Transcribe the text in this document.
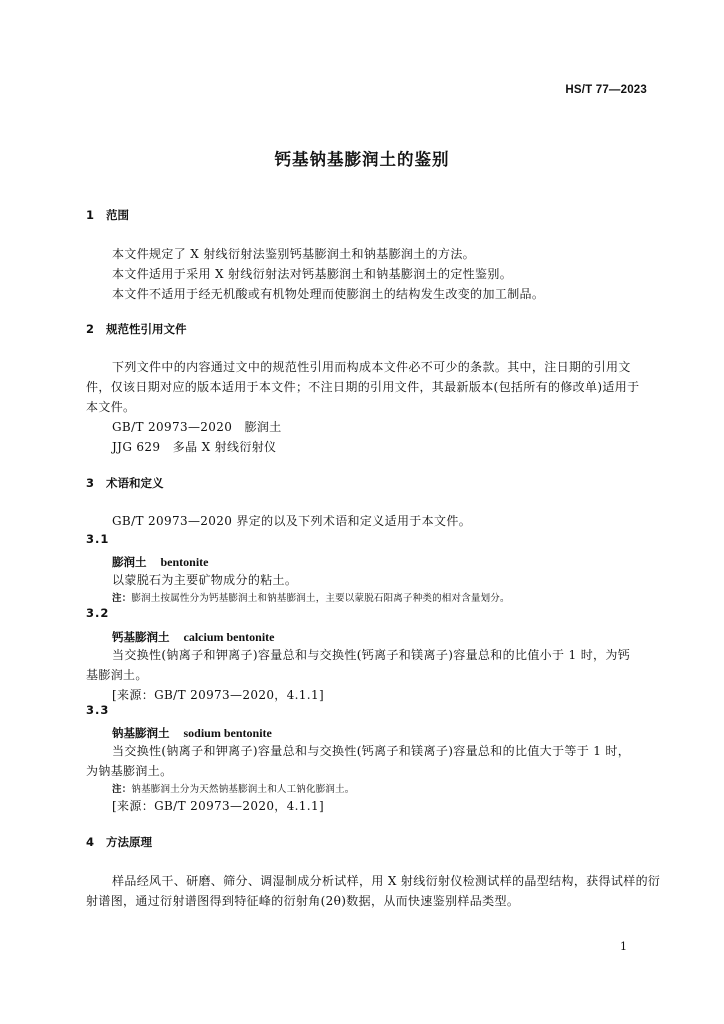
HS/T 77—2023
钙基钠基膨润土的鉴别
1 范围
本文件规定了 X 射线衍射法鉴别钙基膨润土和钠基膨润土的方法。
本文件适用于采用 X 射线衍射法对钙基膨润土和钠基膨润土的定性鉴别。
本文件不适用于经无机酸或有机物处理而使膨润土的结构发生改变的加工制品。
2 规范性引用文件
下列文件中的内容通过文中的规范性引用而构成本文件必不可少的条款。其中，注日期的引用文
件，仅该日期对应的版本适用于本文件；不注日期的引用文件，其最新版本(包括所有的修改单)适用于
本文件。
GB/T 20973—2020　膨润土
JJG 629　多晶 X 射线衍射仪
3 术语和定义
GB/T 20973—2020 界定的以及下列术语和定义适用于本文件。
3.1
膨润土 bentonite
以蒙脱石为主要矿物成分的粘土。
注：膨润土按属性分为钙基膨润土和钠基膨润土，主要以蒙脱石阳离子种类的相对含量划分。
3.2
钙基膨润土 calcium bentonite
当交换性(钠离子和钾离子)容量总和与交换性(钙离子和镁离子)容量总和的比值小于 1 时，为钙
基膨润土。
[来源：GB/T 20973—2020，4.1.1]
3.3
钠基膨润土 sodium bentonite
当交换性(钠离子和钾离子)容量总和与交换性(钙离子和镁离子)容量总和的比值大于等于 1 时，
为钠基膨润土。
注：钠基膨润土分为天然钠基膨润土和人工钠化膨润土。
[来源：GB/T 20973—2020，4.1.1]
4 方法原理
样品经风干、研磨、筛分、调湿制成分析试样，用 X 射线衍射仪检测试样的晶型结构，获得试样的衍
射谱图，通过衍射谱图得到特征峰的衍射角(2θ)数据，从而快速鉴别样品类型。
1
